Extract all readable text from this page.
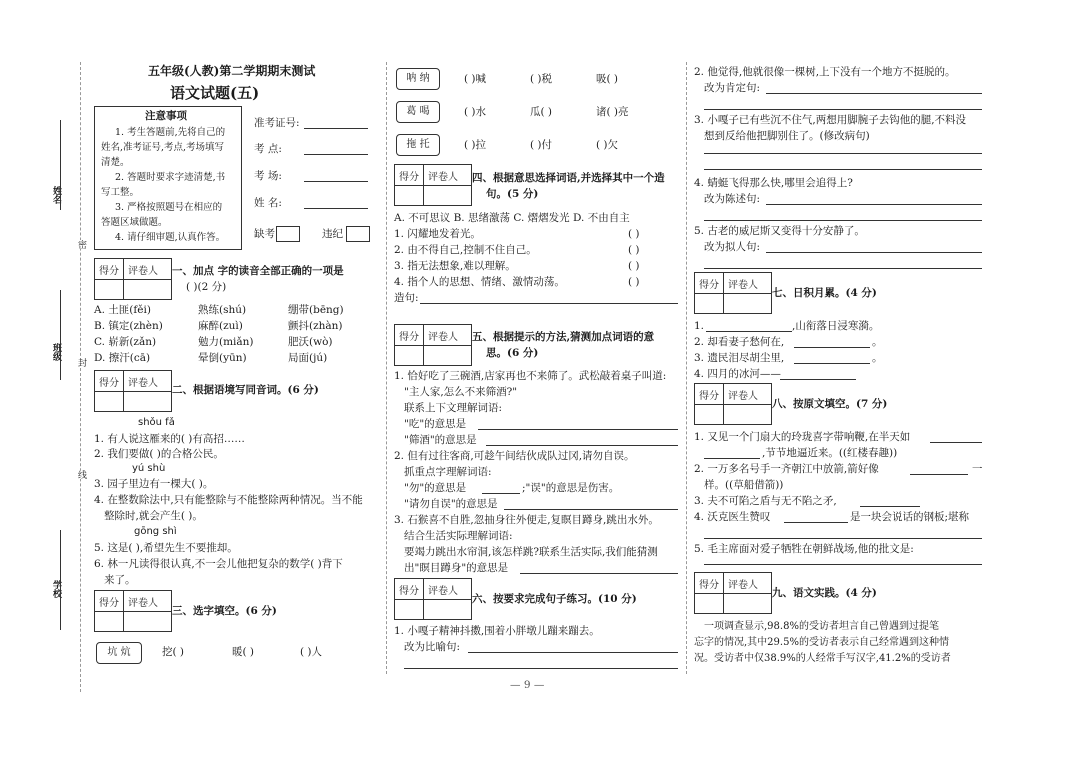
姓名
班级
学校
密
封
线
五年级(人教)第二学期期末测试
语文试题(五)
注意事项
1. 考生答题前,先将自己的
姓名,准考证号,考点,考场填写
清楚。
2. 答题时要求字迹清楚,书
写工整。
3. 严格按照题号在相应的
答题区域做题。
4. 请仔细审题,认真作答。
准考证号:
考 点:
考 场:
姓 名:
缺考	违纪
得分 评卷人 一、加点 字的读音全部正确的一项是
( )(2 分)
A. 土匪(fěi)	熟练(shú)	绷带(bēng)
B. 镇定(zhèn)	麻醉(zuì)	颤抖(zhàn)
C. 崭新(zǎn)	勉力(miǎn)	肥沃(wò)
D. 擦汗(cā)	晕倒(yūn)	局面(jú)
得分 评卷人
二、根据语境写同音词。(6 分)
shǒu fǎ
1. 有人说这雁来的( )有高招……
2. 我们要做( )的合格公民。
yú shù
3. 园子里边有一棵大( )。
4. 在整数除法中,只有能整除与不能整除两种情况。当不能
整除时,就会产生( )。
gōng shì
5. 这是( ),希望先生不要推却。
6. 林一凡读得很认真,不一会儿他把复杂的数学( )背下
来了。
得分 评卷人
三、选字填空。(6 分)
坑 炕	挖( )	暖( )	( )人
呐 纳	( )喊	( )税	吸( )
葛 喝	( )水	瓜( )	诸( )亮
拖 托	( )拉	( )付	( )欠
得分 评卷人 四、根据意思选择词语,并选择其中一个造
句。(5 分)
A. 不可思议 B. 思绪激荡 C. 熠熠发光 D. 不由自主
1. 闪耀地发着光。	( )
2. 由不得自己,控制不住自己。	( )
3. 指无法想象,难以理解。	( )
4. 指个人的思想、情绪、激情动荡。	( )
造句:
得分 评卷人 五、根据提示的方法,猜测加点词语的意
思。(6 分)
1. 恰好吃了三碗酒,店家再也不来筛了。武松敲着桌子叫道:
"主人家,怎么不来筛酒?"
联系上下文理解词语:
"吃"的意思是
"筛酒"的意思是
2. 但有过往客商,可趁午间结伙成队过冈,请勿自误。
抓重点字理解词语:
"勿"的意思是	;"误"的意思是伤害。
"请勿自误"的意思是
3. 石猴喜不自胜,忽抽身往外便走,复瞑目蹲身,跳出水外。
结合生活实际理解词语:
要竭力跳出水帘洞,该怎样跳?联系生活实际,我们能猜测
出"瞑目蹲身"的意思是
得分 评卷人
六、按要求完成句子练习。(10 分)
1. 小嘎子精神抖擞,围着小胖墩儿蹦来蹦去。
改为比喻句:
2. 他觉得,他就很像一棵树,上下没有一个地方不挺脱的。
改为肯定句:
3. 小嘎子已有些沉不住气,两想用脚腕子去钩他的腿,不料没
想到反给他把脚别住了。(修改病句)
4. 蜻蜓飞得那么快,哪里会追得上?
改为陈述句:
5. 古老的威尼斯又变得十分安静了。
改为拟人句:
得分 评卷人
七、日积月累。(4 分)
1.	,山衔落日浸寒漪。
2. 却看妻子愁何在,	。
3. 遗民泪尽胡尘里,	。
4. 四月的冰河——
得分 评卷人
八、按原文填空。(7 分)
1. 又见一个门扇大的玲珑喜字带响鞭,在半天如
,节节地逼近来。((红楼春趣))
2. 一万多名号手一齐朝江中放箭,箭好像	一
样。((草船借箭))
3. 夫不可陷之盾与无不陷之矛,
4. 沃克医生赞叹	是一块会说话的钢板;堪称
5. 毛主席面对爱子牺牲在朝鲜战场,他的批文是:
得分 评卷人
九、语文实践。(4 分)
一项调查显示,98.8%的受访者坦言自己曾遇到过提笔
忘字的情况,其中29.5%的受访者表示自己经常遇到这种情
况。受访者中仅38.9%的人经常手写汉字,41.2%的受访者
— 9 —
